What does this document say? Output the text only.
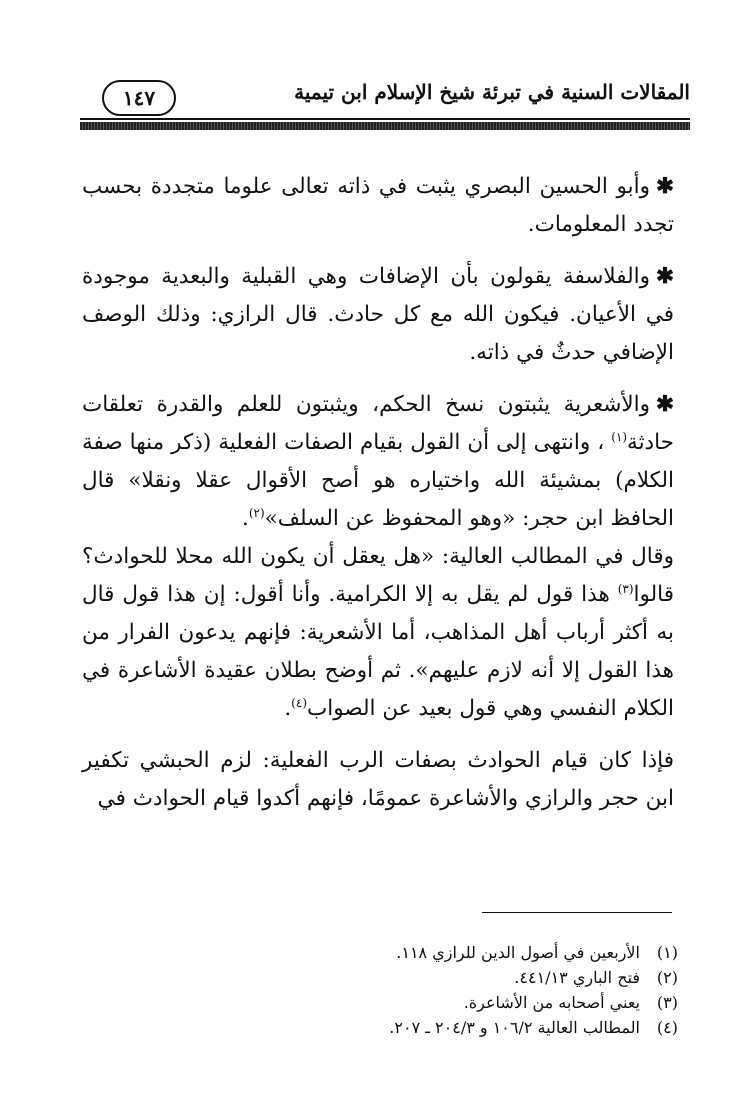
المقالات السنية في تبرئة شيخ الإسلام ابن تيمية
١٤٧

✱وأبو الحسين البصري يثبت في ذاته تعالى علوما متجددة بحسب تجدد المعلومات.

✱والفلاسفة يقولون بأن الإضافات وهي القبلية والبعدية موجودة في الأعيان. فيكون الله مع كل حادث. قال الرازي: وذلك الوصف الإضافي حدثٌ في ذاته.

✱والأشعرية يثبتون نسخ الحكم، ويثبتون للعلم والقدرة تعلقات حادثة$^{(١)}$ ، وانتهى إلى أن القول بقيام الصفات الفعلية (ذكر منها صفة الكلام) بمشيئة الله واختياره هو أصح الأقوال عقلا ونقلا» قال الحافظ ابن حجر: «وهو المحفوظ عن السلف»$^{(٢)}$.

وقال في المطالب العالية: «هل يعقل أن يكون الله محلا للحوادث؟ قالوا$^{(٣)}$ هذا قول لم يقل به إلا الكرامية. وأنا أقول: إن هذا قول قال به أكثر أرباب أهل المذاهب، أما الأشعرية: فإنهم يدعون الفرار من هذا القول إلا أنه لازم عليهم». ثم أوضح بطلان عقيدة الأشاعرة في الكلام النفسي وهي قول بعيد عن الصواب$^{(٤)}$.

فإذا كان قيام الحوادث بصفات الرب الفعلية: لزم الحبشي تكفير ابن حجر والرازي والأشاعرة عمومًا، فإنهم أكدوا قيام الحوادث في

(١)الأربعين في أصول الدين للرازي ١١٨.
(٢)فتح الباري ٤٤١/١٣.
(٣)يعني أصحابه من الأشاعرة.
(٤)المطالب العالية ١٠٦/٢ و ٢٠٤/٣ ـ ٢٠٧.
